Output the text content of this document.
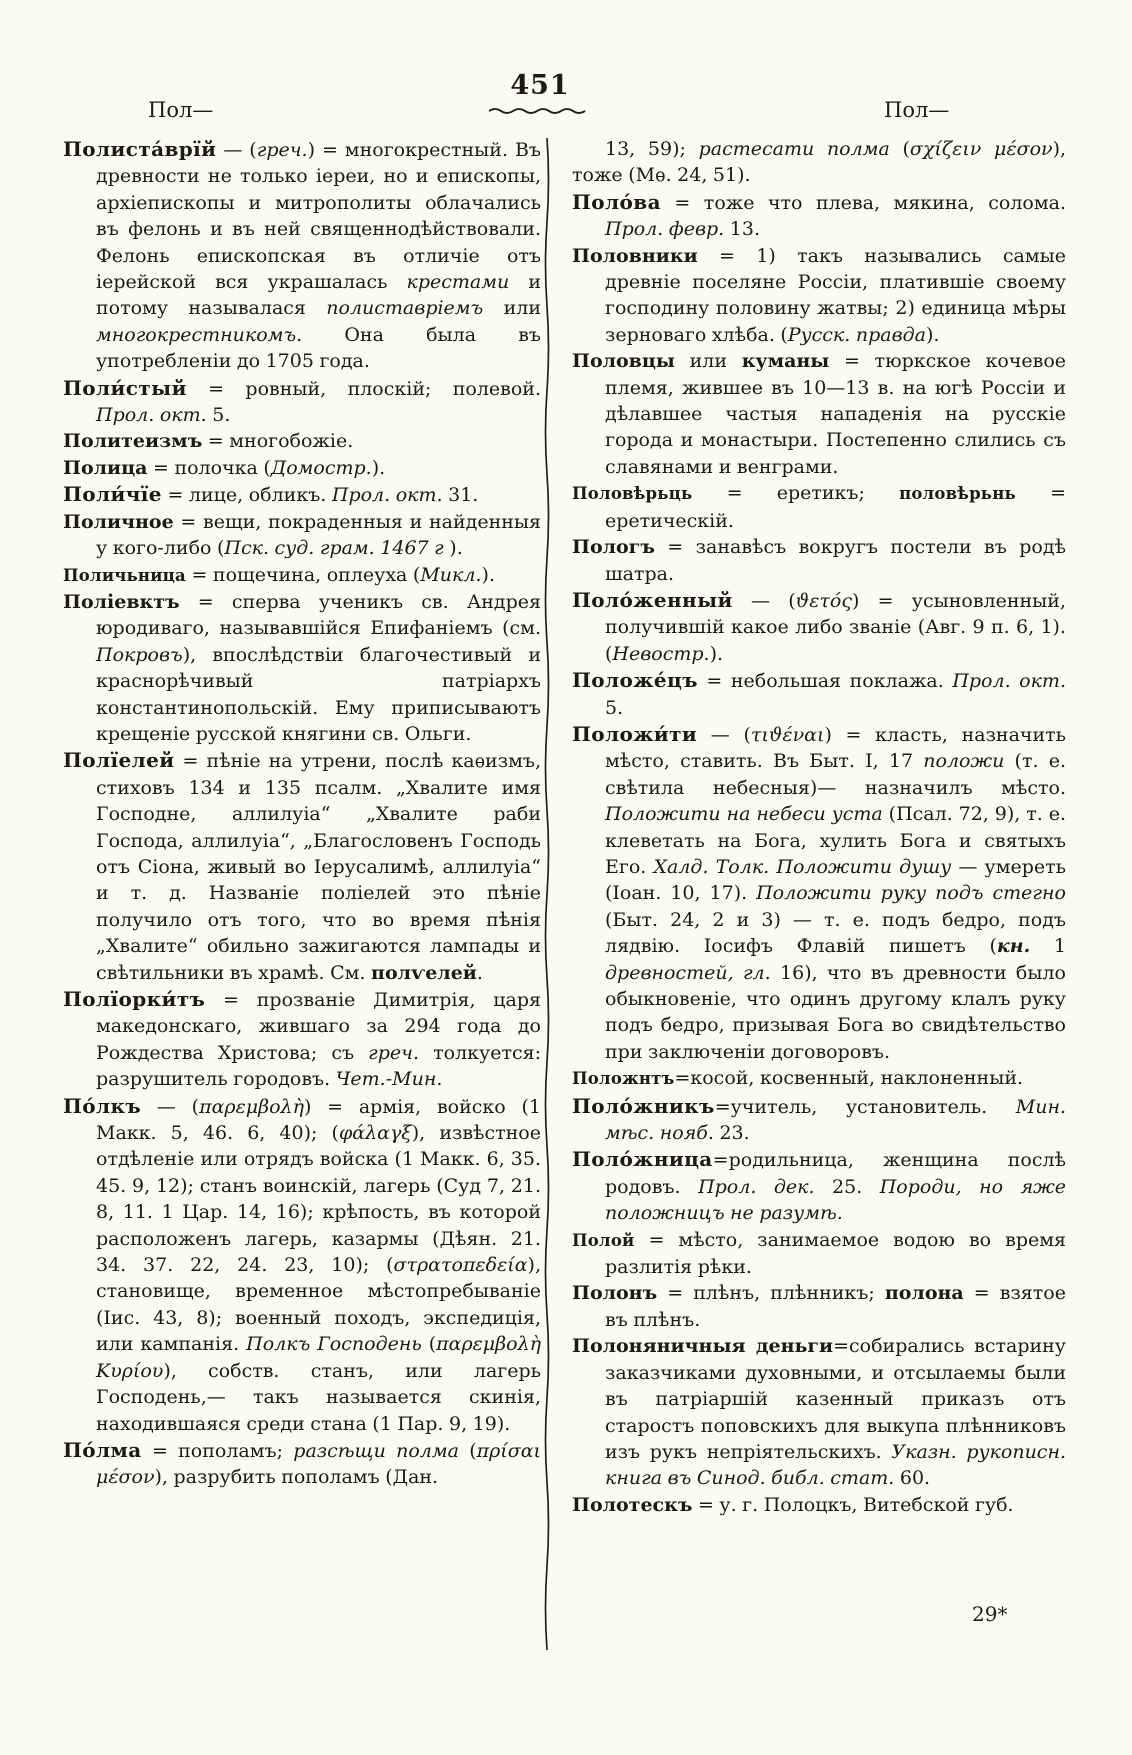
451
Пол—	Пол—

Полиста́врїй — (греч.) = многокрестный. Въ древности не только іереи, но и епископы, архіепископы и митрополиты облачались въ фелонь и въ ней священнодѣйствовали. Фелонь епископская въ отличіе отъ іерейской вся украшалась крестами и потому называлася полиставріемъ или многокрестникомъ. Она была въ употребленіи до 1705 года.

Поли́стый = ровный, плоскій; полевой. Прол. окт. 5.

Политеизмъ = многобожіе.

Полица = полочка (Домостр.).

Поли́чїе = лице, обликъ. Прол. окт. 31.

Поличное = вещи, покраденныя и найденныя у кого-либо (Пск. суд. грам. 1467 г ).

Поличьница = пощечина, оплеуха (Микл.).

Поліевктъ = сперва ученикъ св. Андрея юродиваго, называвшійся Епифаніемъ (см. Покровъ), впослѣдствіи благочестивый и краснорѣчивый патріархъ константинопольскій. Ему приписываютъ крещеніе русской княгини св. Ольги.

Полїелей = пѣніе на утрени, послѣ каѳизмъ, стиховъ 134 и 135 псалм. „Хвалите имя Господне, аллилуіа“ „Хвалите раби Господа, аллилуіа“, „Благословенъ Господь отъ Сіона, живый во Іерусалимѣ, аллилуіа“ и т. д. Названіе поліелей это пѣніе получило отъ того, что во время пѣнія „Хвалите“ обильно зажигаются лампады и свѣтильники въ храмѣ. См. полѵелей.

Полїорки́тъ = прозваніе Димитрія, царя македонскаго, жившаго за 294 года до Рождества Христова; съ греч. толкуется: разрушитель городовъ. Чет.-Мин.

По́лкъ — (παρεμβολὴ) = армія, войско (1 Макк. 5, 46. 6, 40); (φάλαγξ), извѣстное отдѣленіе или отрядъ войска (1 Макк. 6, 35. 45. 9, 12); станъ воинскій, лагерь (Суд 7, 21. 8, 11. 1 Цар. 14, 16); крѣпость, въ которой расположенъ лагерь, казармы (Дѣян. 21. 34. 37. 22, 24. 23, 10); (στρατοπεδεία), становище, временное мѣстопребываніе (Іис. 43, 8); военный походъ, экспедиція, или кампанія. Полкъ Господень (παρεμβολὴ Κυρίου), собств. станъ, или лагерь Господень,— такъ называется скинія, находившаяся среди стана (1 Пар. 9, 19).

По́лма = пополамъ; разсѣщи полма (πρίσαι μέσον), разрубить пополамъ (Дан.

13, 59); растесати полма (σχίζειν μέσον), тоже (Мѳ. 24, 51).

Поло́ва = тоже что плева, мякина, солома. Прол. февр. 13.

Половники = 1) такъ назывались самые древніе поселяне Россіи, платившіе своему господину половину жатвы; 2) единица мѣры зерноваго хлѣба. (Русск. правда).

Половцы или куманы = тюркское кочевое племя, жившее въ 10—13 в. на югѣ Россіи и дѣлавшее частыя нападенія на русскіе города и монастыри. Постепенно слились съ славянами и венграми.

Половѣрьць = еретикъ; половѣрьнь = еретическій.

Пологъ = занавѣсъ вокругъ постели въ родѣ шатра.

Поло́женный — (ϑετός) = усыновленный, получившій какое либо званіе (Авг. 9 п. 6, 1). (Невостр.).

Положе́цъ = небольшая поклажа. Прол. окт. 5.

Положи́ти — (τιϑέναι) = класть, назначить мѣсто, ставить. Въ Быт. I, 17 положи (т. е. свѣтила небесныя)— назначилъ мѣсто. Положити на небеси уста (Псал. 72, 9), т. е. клеветать на Бога, хулить Бога и святыхъ Его. Халд. Толк. Положити душу — умереть (Іоан. 10, 17). Положити руку подъ стегно (Быт. 24, 2 и 3) — т. е. подъ бедро, подъ лядвію. Іосифъ Флавій пишетъ (кн. 1 древностей, гл. 16), что въ древности было обыкновеніе, что одинъ другому клалъ руку подъ бедро, призывая Бога во свидѣтельство при заключеніи договоровъ.

Положнтъ=косой, косвенный, наклоненный.

Поло́жникъ=учитель, установитель. Мин. мѣс. нояб. 23.

Поло́жница=родильница, женщина послѣ родовъ. Прол. дек. 25. Породи, но яже положницъ не разумѣ.

Полой = мѣсто, занимаемое водою во время разлитія рѣки.

Полонъ = плѣнъ, плѣнникъ; полона = взятое въ плѣнъ.

Полоняничныя деньги=собирались встарину заказчиками духовными, и отсылаемы были въ патріаршій казенный приказъ отъ старостъ поповскихъ для выкупа плѣнниковъ изъ рукъ непріятельскихъ. Указн. рукописн. книга въ Синод. библ. стат. 60.

Полотескъ = у. г. Полоцкъ, Витебской губ.

29*
